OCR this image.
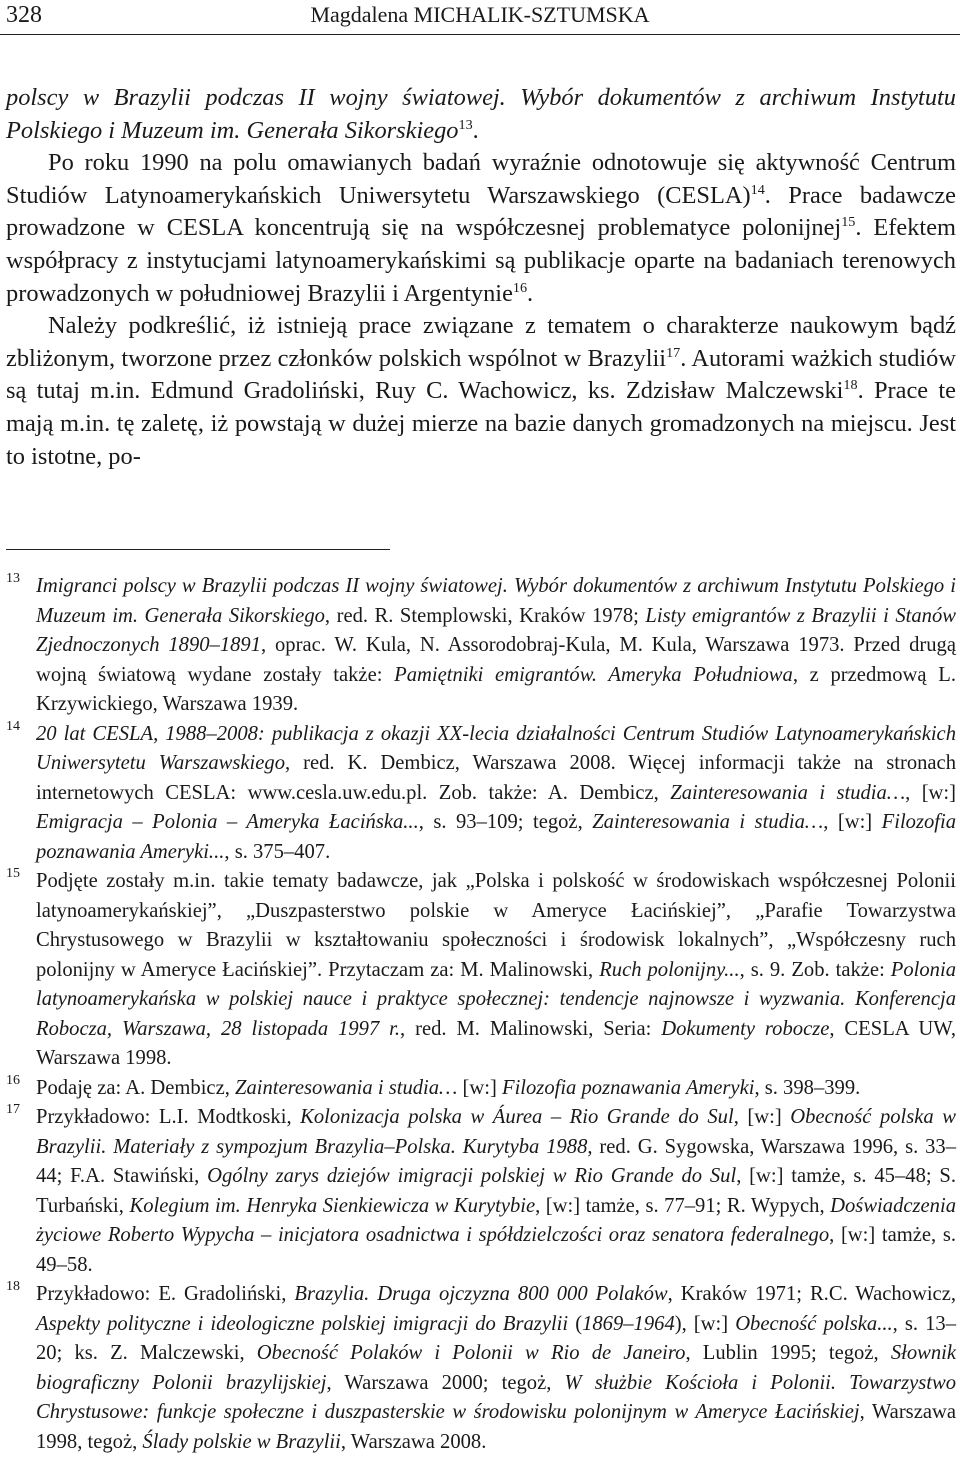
328	Magdalena MICHALIK-SZTUMSKA

polscy w Brazylii podczas II wojny światowej. Wybór dokumentów z archiwum Instytutu Polskiego i Muzeum im. Generała Sikorskiego$^{13}$.

Po roku 1990 na polu omawianych badań wyraźnie odnotowuje się aktywność Centrum Studiów Latynoamerykańskich Uniwersytetu Warszawskiego (CESLA)$^{14}$. Prace badawcze prowadzone w CESLA koncentrują się na współczesnej problematyce polonijnej$^{15}$. Efektem współpracy z instytucjami latynoamerykańskimi są publikacje oparte na badaniach terenowych prowadzonych w południowej Brazylii i Argentynie$^{16}$.

Należy podkreślić, iż istnieją prace związane z tematem o charakterze naukowym bądź zbliżonym, tworzone przez członków polskich wspólnot w Brazylii$^{17}$. Autorami ważkich studiów są tutaj m.in. Edmund Gradoliński, Ruy C. Wachowicz, ks. Zdzisław Malczewski$^{18}$. Prace te mają m.in. tę zaletę, iż powstają w dużej mierze na bazie danych gromadzonych na miejscu. Jest to istotne, po-

13 Imigranci polscy w Brazylii podczas II wojny światowej. Wybór dokumentów z archiwum Instytutu Polskiego i Muzeum im. Generała Sikorskiego, red. R. Stemplowski, Kraków 1978; Listy emigrantów z Brazylii i Stanów Zjednoczonych 1890–1891, oprac. W. Kula, N. Assorodobraj-Kula, M. Kula, Warszawa 1973. Przed drugą wojną światową wydane zostały także: Pamiętniki emigrantów. Ameryka Południowa, z przedmową L. Krzywickiego, Warszawa 1939.

14 20 lat CESLA, 1988–2008: publikacja z okazji XX-lecia działalności Centrum Studiów Latynoamerykańskich Uniwersytetu Warszawskiego, red. K. Dembicz, Warszawa 2008. Więcej informacji także na stronach internetowych CESLA: www.cesla.uw.edu.pl. Zob. także: A. Dembicz, Zainteresowania i studia…, [w:] Emigracja – Polonia – Ameryka Łacińska..., s. 93–109; tegoż, Zainteresowania i studia…, [w:] Filozofia poznawania Ameryki..., s. 375–407.

15 Podjęte zostały m.in. takie tematy badawcze, jak „Polska i polskość w środowiskach współczesnej Polonii latynoamerykańskiej”, „Duszpasterstwo polskie w Ameryce Łacińskiej”, „Parafie Towarzystwa Chrystusowego w Brazylii w kształtowaniu społeczności i środowisk lokalnych”, „Współczesny ruch polonijny w Ameryce Łacińskiej”. Przytaczam za: M. Malinowski, Ruch polonijny..., s. 9. Zob. także: Polonia latynoamerykańska w polskiej nauce i praktyce społecznej: tendencje najnowsze i wyzwania. Konferencja Robocza, Warszawa, 28 listopada 1997 r., red. M. Malinowski, Seria: Dokumenty robocze, CESLA UW, Warszawa 1998.

16 Podaję za: A. Dembicz, Zainteresowania i studia… [w:] Filozofia poznawania Ameryki, s. 398–399.

17 Przykładowo: L.I. Modtkoski, Kolonizacja polska w Áurea – Rio Grande do Sul, [w:] Obecność polska w Brazylii. Materiały z sympozjum Brazylia–Polska. Kurytyba 1988, red. G. Sygowska, Warszawa 1996, s. 33–44; F.A. Stawiński, Ogólny zarys dziejów imigracji polskiej w Rio Grande do Sul, [w:] tamże, s. 45–48; S. Turbański, Kolegium im. Henryka Sienkiewicza w Kurytybie, [w:] tamże, s. 77–91; R. Wypych, Doświadczenia życiowe Roberto Wypycha – inicjatora osadnictwa i spółdzielczości oraz senatora federalnego, [w:] tamże, s. 49–58.

18 Przykładowo: E. Gradoliński, Brazylia. Druga ojczyzna 800 000 Polaków, Kraków 1971; R.C. Wachowicz, Aspekty polityczne i ideologiczne polskiej imigracji do Brazylii (1869–1964), [w:] Obecność polska..., s. 13–20; ks. Z. Malczewski, Obecność Polaków i Polonii w Rio de Janeiro, Lublin 1995; tegoż, Słownik biograficzny Polonii brazylijskiej, Warszawa 2000; tegoż, W służbie Kościoła i Polonii. Towarzystwo Chrystusowe: funkcje społeczne i duszpasterskie w środowisku polonijnym w Ameryce Łacińskiej, Warszawa 1998, tegoż, Ślady polskie w Brazylii, Warszawa 2008.
